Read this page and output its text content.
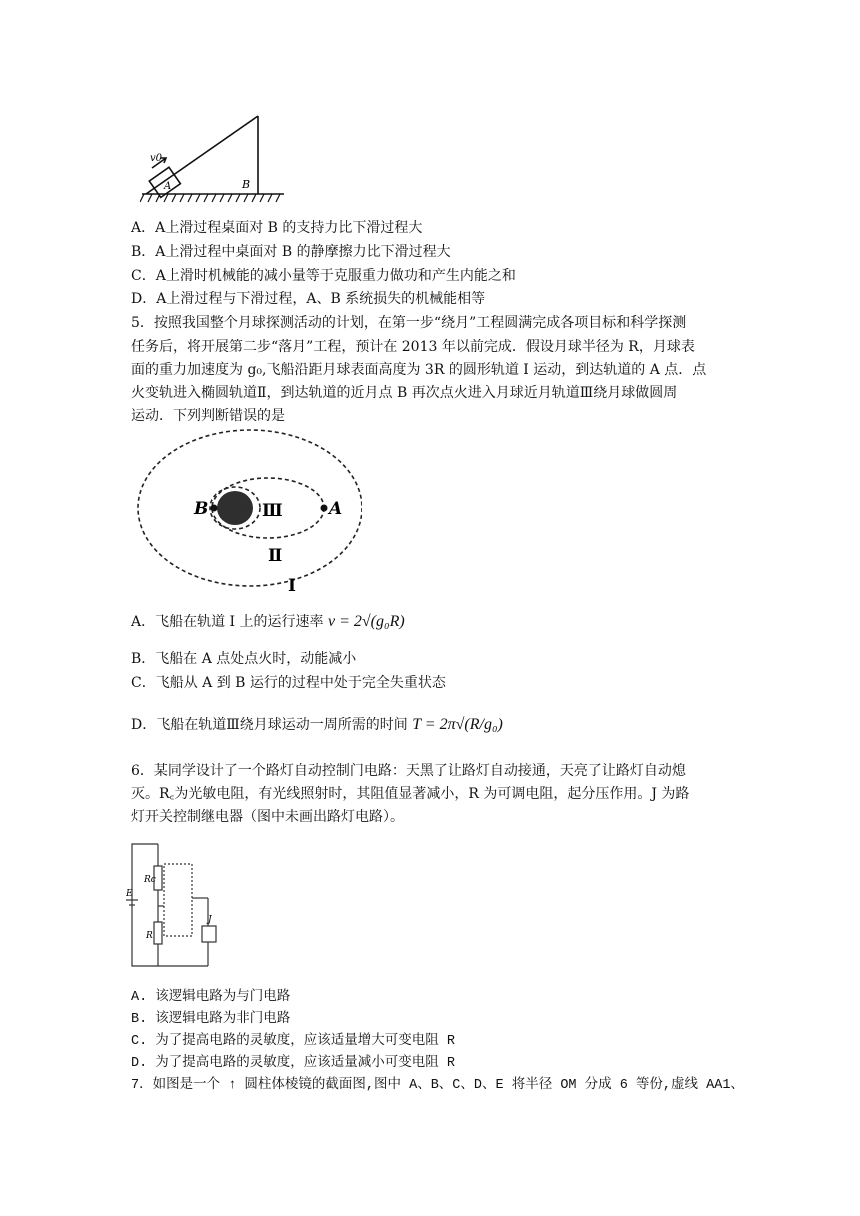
v0
A	B
A．A上滑过程桌面对 B 的支持力比下滑过程大
B．A上滑过程中桌面对 B 的静摩擦力比下滑过程大
C．A上滑时机械能的减小量等于克服重力做功和产生内能之和
D．A上滑过程与下滑过程，A、B 系统损失的机械能相等
5．按照我国整个月球探测活动的计划，在第一步“绕月”工程圆满完成各项目标和科学探测
任务后，将开展第二步“落月”工程，预计在 2013 年以前完成．假设月球半径为 R，月球表
面的重力加速度为 g₀,飞船沿距月球表面高度为 3R 的圆形轨道 I 运动，到达轨道的 A 点．点
火变轨进入椭圆轨道Ⅱ，到达轨道的近月点 B 再次点火进入月球近月轨道Ⅲ绕月球做圆周
运动．下列判断错误的是
B	A
Ⅲ
Ⅱ
I
A．飞船在轨道 I 上的运行速率 v = 2√(g₀R)
B．飞船在 A 点处点火时，动能减小
C．飞船从 A 到 B 运行的过程中处于完全失重状态
D．飞船在轨道Ⅲ绕月球运动一周所需的时间 T = 2π√(R/g₀)
6．某同学设计了一个路灯自动控制门电路：天黑了让路灯自动接通，天亮了让路灯自动熄
灭。R꜀为光敏电阻，有光线照射时，其阻值显著减小，R 为可调电阻，起分压作用。J 为路
灯开关控制继电器（图中未画出路灯电路）。
E
Rc
R
J
A. 该逻辑电路为与门电路
B. 该逻辑电路为非门电路
C. 为了提高电路的灵敏度，应该适量增大可变电阻 R
D. 为了提高电路的灵敏度，应该适量减小可变电阻 R
7．如图是一个 ↑ 圆柱体棱镜的截面图,图中 A、B、C、D、E 将半径 OM 分成 6 等份,虚线 AA1、
